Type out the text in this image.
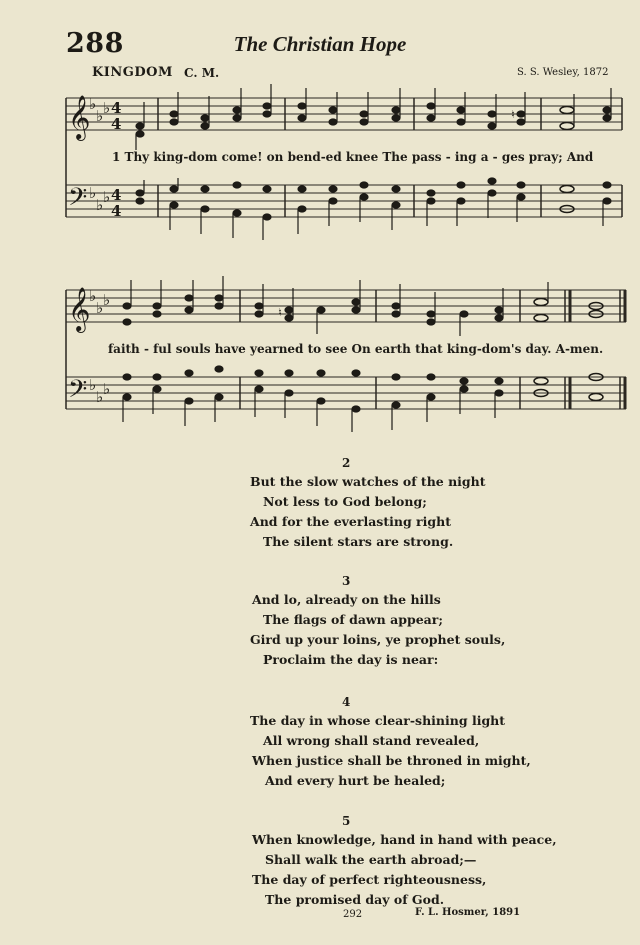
288	The Christian Hope
KINGDOM C. M.	S. S. Wesley, 1872
𝄞
𝄢
♭
♭ ♭
♭
♭ ♭
4
4
4
4
♮
1 Thy king-dom come! on bend-ed knee The pass - ing a - ges pray; And
𝄞
𝄢
♭
♭ ♭
♭
♭ ♭
♮
faith - ful souls have yearned to see On earth that king-dom's day. A-men.
2
But the slow watches of the night
Not less to God belong;
And for the everlasting right
The silent stars are strong.
3
And lo, already on the hills
The flags of dawn appear;
Gird up your loins, ye prophet souls,
Proclaim the day is near:
4
The day in whose clear-shining light
All wrong shall stand revealed,
When justice shall be throned in might,
And every hurt be healed;
5
When knowledge, hand in hand with peace,
Shall walk the earth abroad;—
The day of perfect righteousness,
The promised day of God.
292	F. L. Hosmer, 1891
